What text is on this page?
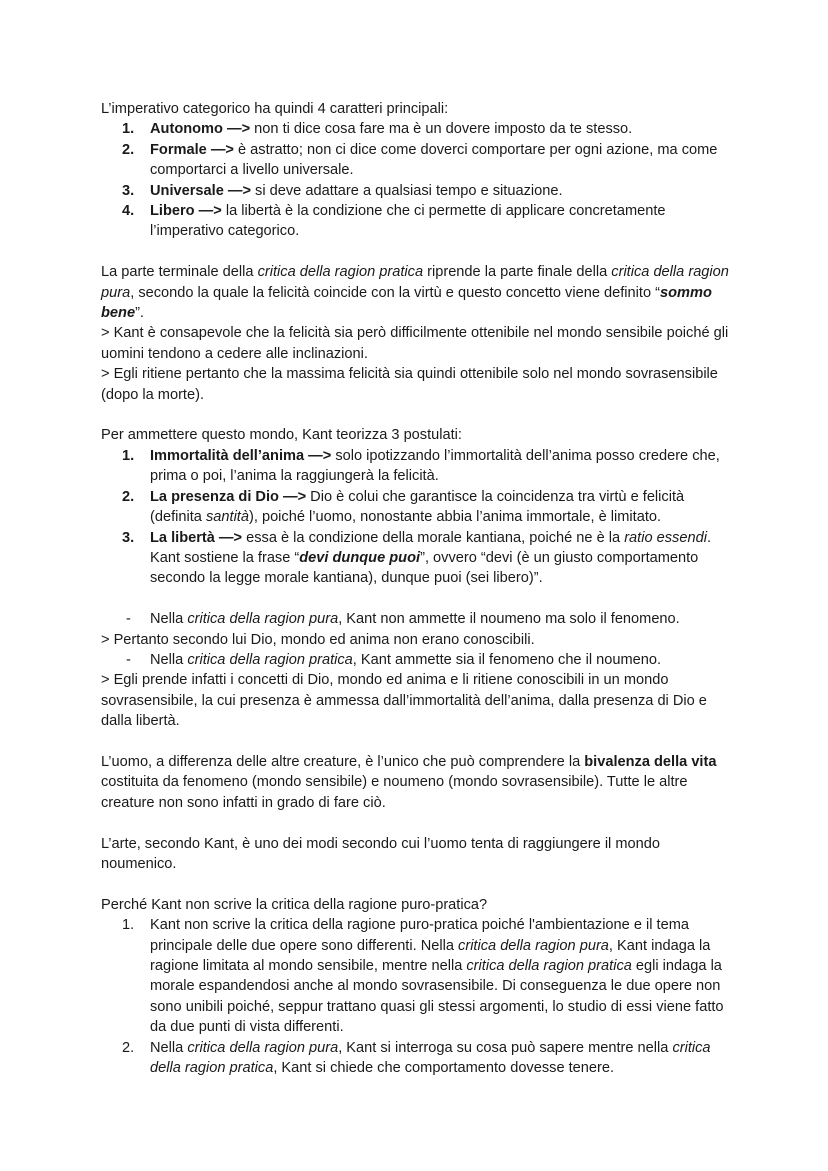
L’imperativo categorico ha quindi 4 caratteri principali:
1. Autonomo —> non ti dice cosa fare ma è un dovere imposto da te stesso.
2. Formale —> è astratto; non ci dice come doverci comportare per ogni azione, ma come comportarci a livello universale.
3. Universale —> si deve adattare a qualsiasi tempo e situazione.
4. Libero —> la libertà è la condizione che ci permette di applicare concretamente l’imperativo categorico.
La parte terminale della critica della ragion pratica riprende la parte finale della critica della ragion pura, secondo la quale la felicità coincide con la virtù e questo concetto viene definito “sommo bene”.
> Kant è consapevole che la felicità sia però difficilmente ottenibile nel mondo sensibile poiché gli uomini tendono a cedere alle inclinazioni.
> Egli ritiene pertanto che la massima felicità sia quindi ottenibile solo nel mondo sovrasensibile (dopo la morte).
Per ammettere questo mondo, Kant teorizza 3 postulati:
1. Immortalità dell’anima —> solo ipotizzando l’immortalità dell’anima posso credere che, prima o poi, l’anima la raggiungerà la felicità.
2. La presenza di Dio —> Dio è colui che garantisce la coincidenza tra virtù e felicità (definita santità), poiché l’uomo, nonostante abbia l’anima immortale, è limitato.
3. La libertà —> essa è la condizione della morale kantiana, poiché ne è la ratio essendi. Kant sostiene la frase “devi dunque puoi”, ovvero “devi (è un giusto comportamento secondo la legge morale kantiana), dunque puoi (sei libero)”.
- Nella critica della ragion pura, Kant non ammette il noumeno ma solo il fenomeno.
> Pertanto secondo lui Dio, mondo ed anima non erano conoscibili.
- Nella critica della ragion pratica, Kant ammette sia il fenomeno che il noumeno.
> Egli prende infatti i concetti di Dio, mondo ed anima e li ritiene conoscibili in un mondo sovrasensibile, la cui presenza è ammessa dall’immortalità dell’anima, dalla presenza di Dio e dalla libertà.
L’uomo, a differenza delle altre creature, è l’unico che può comprendere la bivalenza della vita costituita da fenomeno (mondo sensibile) e noumeno (mondo sovrasensibile). Tutte le altre creature non sono infatti in grado di fare ciò.
L’arte, secondo Kant, è uno dei modi secondo cui l’uomo tenta di raggiungere il mondo noumenico.
Perché Kant non scrive la critica della ragione puro-pratica?
1. Kant non scrive la critica della ragione puro-pratica poiché l'ambientazione e il tema principale delle due opere sono differenti. Nella critica della ragion pura, Kant indaga la ragione limitata al mondo sensibile, mentre nella critica della ragion pratica egli indaga la morale espandendosi anche al mondo sovrasensibile. Di conseguenza le due opere non sono unibili poiché, seppur trattano quasi gli stessi argomenti, lo studio di essi viene fatto da due punti di vista differenti.
2. Nella critica della ragion pura, Kant si interroga su cosa può sapere mentre nella critica della ragion pratica, Kant si chiede che comportamento dovesse tenere.
